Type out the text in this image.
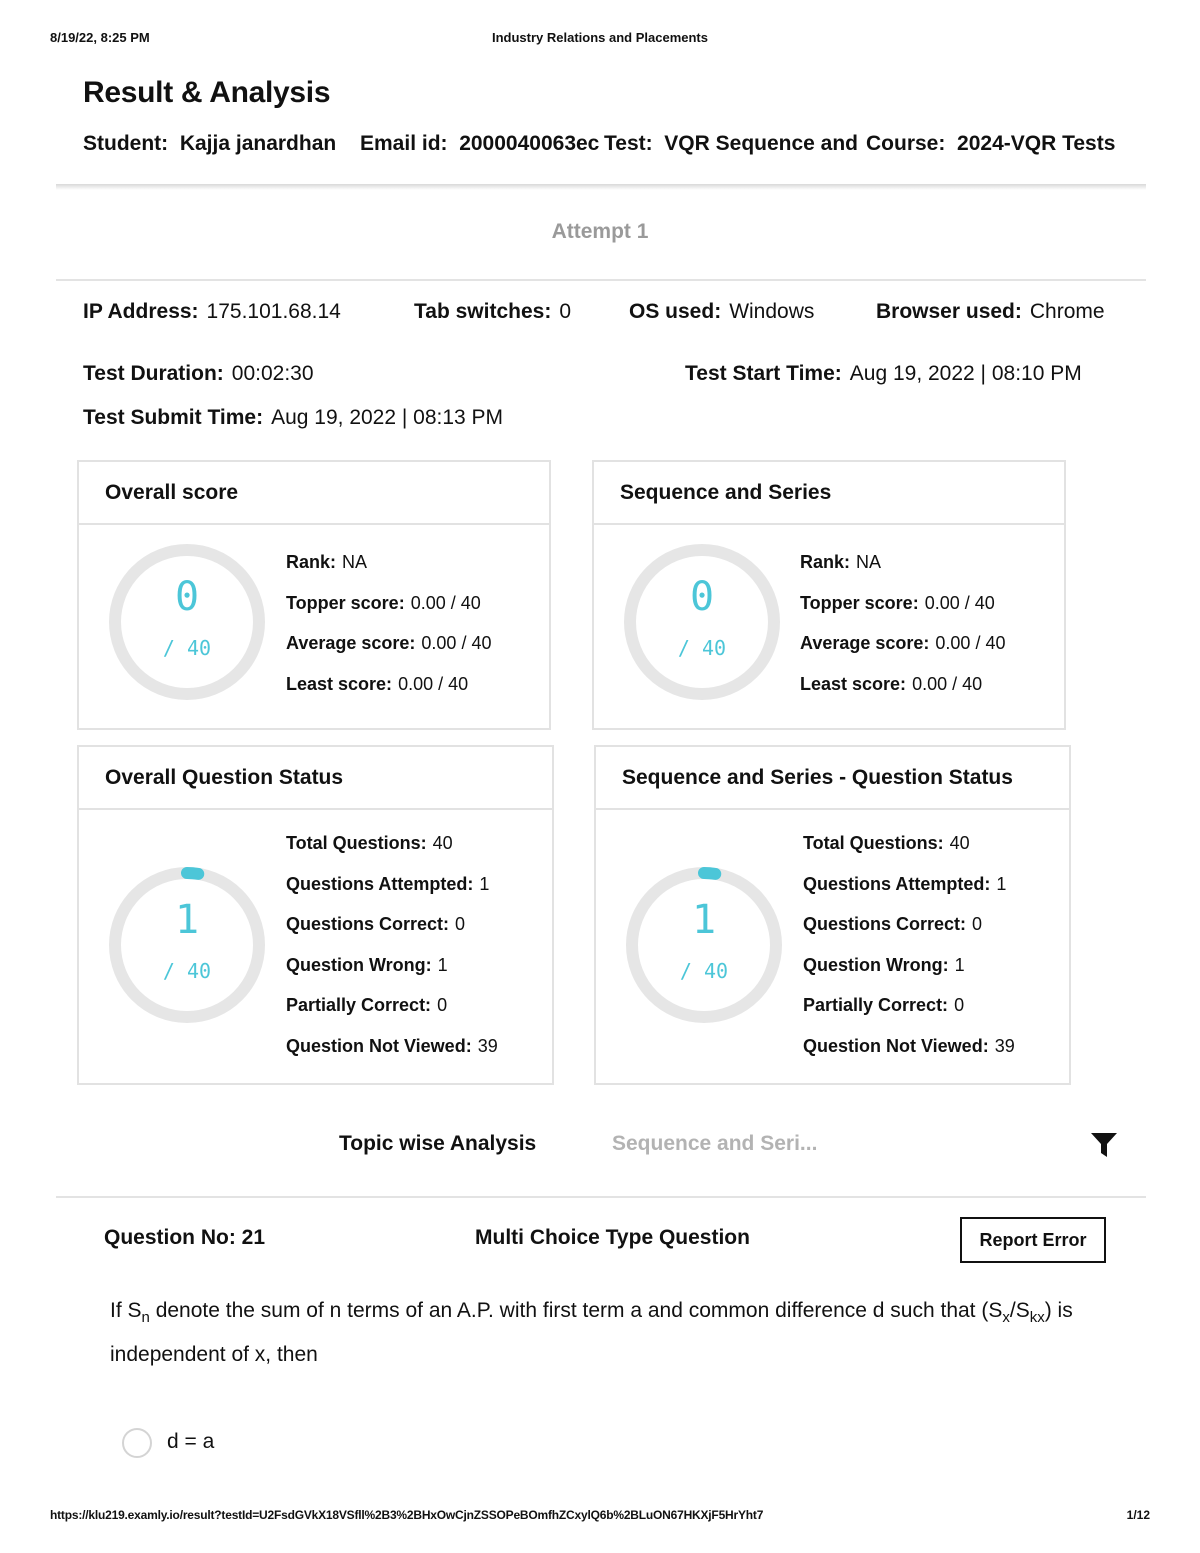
8/19/22, 8:25 PM	Industry Relations and Placements
Result & Analysis
Student: Kajja janardhan	Email id: 2000040063ec Test: VQR Sequence and Course: 2024-VQR Tests
Attempt 1
IP Address: 175.101.68.14	Tab switches: 0	OS used: Windows	Browser used: Chrome
Test Duration: 00:02:30	Test Start Time: Aug 19, 2022 | 08:10 PM
Test Submit Time: Aug 19, 2022 | 08:13 PM
Overall score
0
/ 40
Rank: NA
Topper score: 0.00 / 40
Average score: 0.00 / 40
Least score: 0.00 / 40
Sequence and Series
0
/ 40
Rank: NA
Topper score: 0.00 / 40
Average score: 0.00 / 40
Least score: 0.00 / 40
Overall Question Status
1
/ 40
Total Questions: 40
Questions Attempted: 1
Questions Correct: 0
Question Wrong: 1
Partially Correct: 0
Question Not Viewed: 39
Sequence and Series - Question Status
1
/ 40
Total Questions: 40
Questions Attempted: 1
Questions Correct: 0
Question Wrong: 1
Partially Correct: 0
Question Not Viewed: 39
Topic wise Analysis	Sequence and Seri...
Question No: 21	Multi Choice Type Question	Report Error
If $S_n$ denote the sum of n terms of an A.P. with first term a and common difference d such that $(S_x/S_{kx})$ is independent of x, then
d = a
https://klu219.examly.io/result?testId=U2FsdGVkX18VSfll%2B3%2BHxOwCjnZSSOPeBOmfhZCxylQ6b%2BLuON67HKXjF5HrYht7	1/12
